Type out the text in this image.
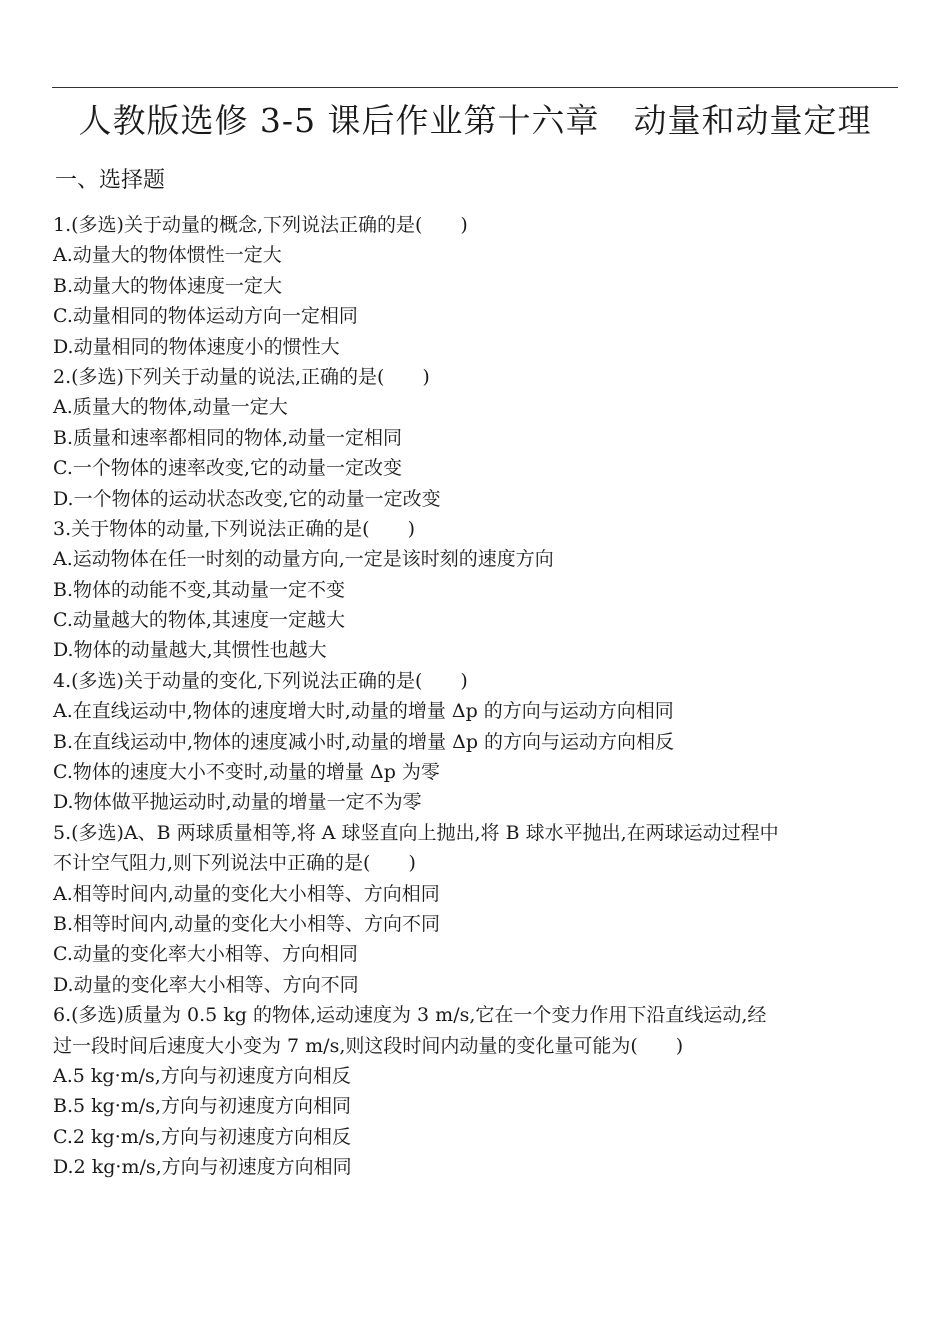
人教版选修 3-5 课后作业第十六章　动量和动量定理
一、选择题
1.(多选)关于动量的概念,下列说法正确的是(　　)
A.动量大的物体惯性一定大
B.动量大的物体速度一定大
C.动量相同的物体运动方向一定相同
D.动量相同的物体速度小的惯性大
2.(多选)下列关于动量的说法,正确的是(　　)
A.质量大的物体,动量一定大
B.质量和速率都相同的物体,动量一定相同
C.一个物体的速率改变,它的动量一定改变
D.一个物体的运动状态改变,它的动量一定改变
3.关于物体的动量,下列说法正确的是(　　)
A.运动物体在任一时刻的动量方向,一定是该时刻的速度方向
B.物体的动能不变,其动量一定不变
C.动量越大的物体,其速度一定越大
D.物体的动量越大,其惯性也越大
4.(多选)关于动量的变化,下列说法正确的是(　　)
A.在直线运动中,物体的速度增大时,动量的增量 Δp 的方向与运动方向相同
B.在直线运动中,物体的速度减小时,动量的增量 Δp 的方向与运动方向相反
C.物体的速度大小不变时,动量的增量 Δp 为零
D.物体做平抛运动时,动量的增量一定不为零
5.(多选)A、B 两球质量相等,将 A 球竖直向上抛出,将 B 球水平抛出,在两球运动过程中
不计空气阻力,则下列说法中正确的是(　　)
A.相等时间内,动量的变化大小相等、方向相同
B.相等时间内,动量的变化大小相等、方向不同
C.动量的变化率大小相等、方向相同
D.动量的变化率大小相等、方向不同
6.(多选)质量为 0.5 kg 的物体,运动速度为 3 m/s,它在一个变力作用下沿直线运动,经
过一段时间后速度大小变为 7 m/s,则这段时间内动量的变化量可能为(　　)
A.5 kg·m/s,方向与初速度方向相反
B.5 kg·m/s,方向与初速度方向相同
C.2 kg·m/s,方向与初速度方向相反
D.2 kg·m/s,方向与初速度方向相同
